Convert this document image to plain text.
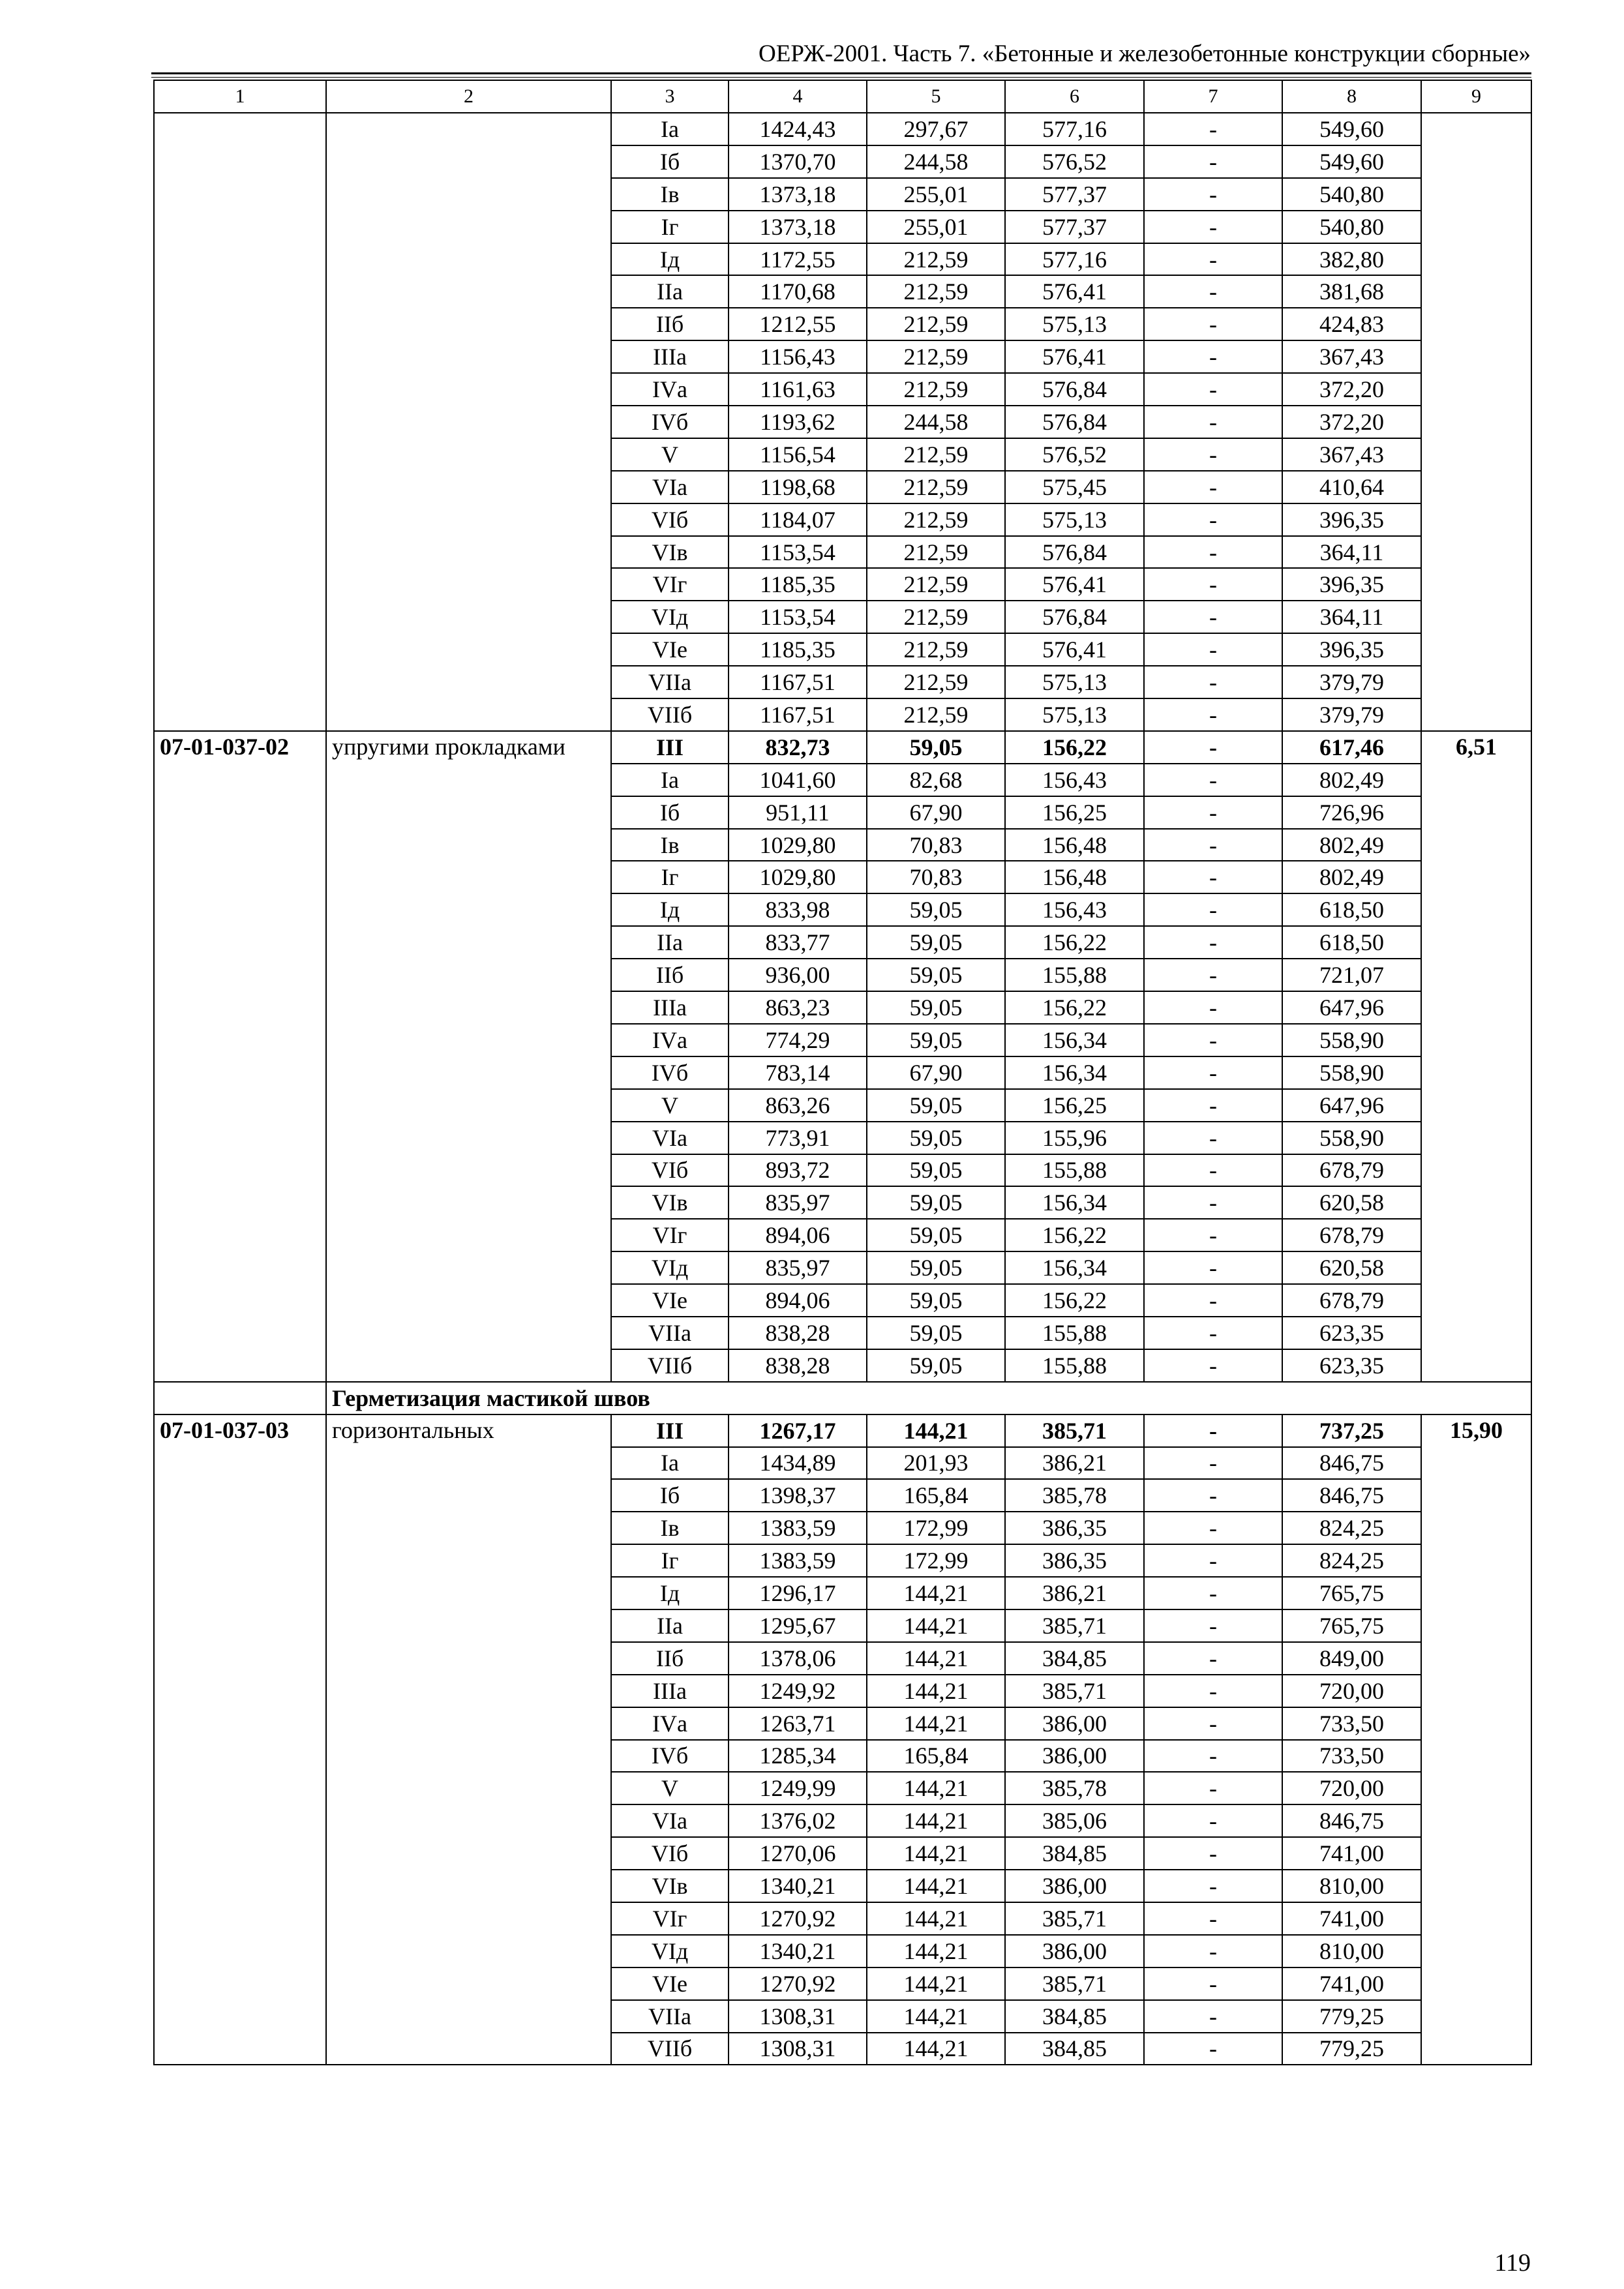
ОЕРЖ-2001. Часть 7. «Бетонные и железобетонные конструкции сборные»
1	2	3	4	5	6	7	8	9
		Iа	1424,43	297,67	577,16	-	549,60	
		Iб	1370,70	244,58	576,52	-	549,60	
		Iв	1373,18	255,01	577,37	-	540,80	
		Iг	1373,18	255,01	577,37	-	540,80	
		Iд	1172,55	212,59	577,16	-	382,80	
		IIа	1170,68	212,59	576,41	-	381,68	
		IIб	1212,55	212,59	575,13	-	424,83	
		IIIа	1156,43	212,59	576,41	-	367,43	
		IVа	1161,63	212,59	576,84	-	372,20	
		IVб	1193,62	244,58	576,84	-	372,20	
		V	1156,54	212,59	576,52	-	367,43	
		VIа	1198,68	212,59	575,45	-	410,64	
		VIб	1184,07	212,59	575,13	-	396,35	
		VIв	1153,54	212,59	576,84	-	364,11	
		VIг	1185,35	212,59	576,41	-	396,35	
		VIд	1153,54	212,59	576,84	-	364,11	
		VIе	1185,35	212,59	576,41	-	396,35	
		VIIа	1167,51	212,59	575,13	-	379,79	
		VIIб	1167,51	212,59	575,13	-	379,79	
07-01-037-02	упругими прокладками	III	832,73	59,05	156,22	-	617,46	6,51
		Iа	1041,60	82,68	156,43	-	802,49	
		Iб	951,11	67,90	156,25	-	726,96	
		Iв	1029,80	70,83	156,48	-	802,49	
		Iг	1029,80	70,83	156,48	-	802,49	
		Iд	833,98	59,05	156,43	-	618,50	
		IIа	833,77	59,05	156,22	-	618,50	
		IIб	936,00	59,05	155,88	-	721,07	
		IIIа	863,23	59,05	156,22	-	647,96	
		IVа	774,29	59,05	156,34	-	558,90	
		IVб	783,14	67,90	156,34	-	558,90	
		V	863,26	59,05	156,25	-	647,96	
		VIа	773,91	59,05	155,96	-	558,90	
		VIб	893,72	59,05	155,88	-	678,79	
		VIв	835,97	59,05	156,34	-	620,58	
		VIг	894,06	59,05	156,22	-	678,79	
		VIд	835,97	59,05	156,34	-	620,58	
		VIе	894,06	59,05	156,22	-	678,79	
		VIIа	838,28	59,05	155,88	-	623,35	
		VIIб	838,28	59,05	155,88	-	623,35	
	Герметизация мастикой швов							
07-01-037-03	горизонтальных	III	1267,17	144,21	385,71	-	737,25	15,90
		Iа	1434,89	201,93	386,21	-	846,75	
		Iб	1398,37	165,84	385,78	-	846,75	
		Iв	1383,59	172,99	386,35	-	824,25	
		Iг	1383,59	172,99	386,35	-	824,25	
		Iд	1296,17	144,21	386,21	-	765,75	
		IIа	1295,67	144,21	385,71	-	765,75	
		IIб	1378,06	144,21	384,85	-	849,00	
		IIIа	1249,92	144,21	385,71	-	720,00	
		IVа	1263,71	144,21	386,00	-	733,50	
		IVб	1285,34	165,84	386,00	-	733,50	
		V	1249,99	144,21	385,78	-	720,00	
		VIа	1376,02	144,21	385,06	-	846,75	
		VIб	1270,06	144,21	384,85	-	741,00	
		VIв	1340,21	144,21	386,00	-	810,00	
		VIг	1270,92	144,21	385,71	-	741,00	
		VIд	1340,21	144,21	386,00	-	810,00	
		VIе	1270,92	144,21	385,71	-	741,00	
		VIIа	1308,31	144,21	384,85	-	779,25	
		VIIб	1308,31	144,21	384,85	-	779,25	
119
